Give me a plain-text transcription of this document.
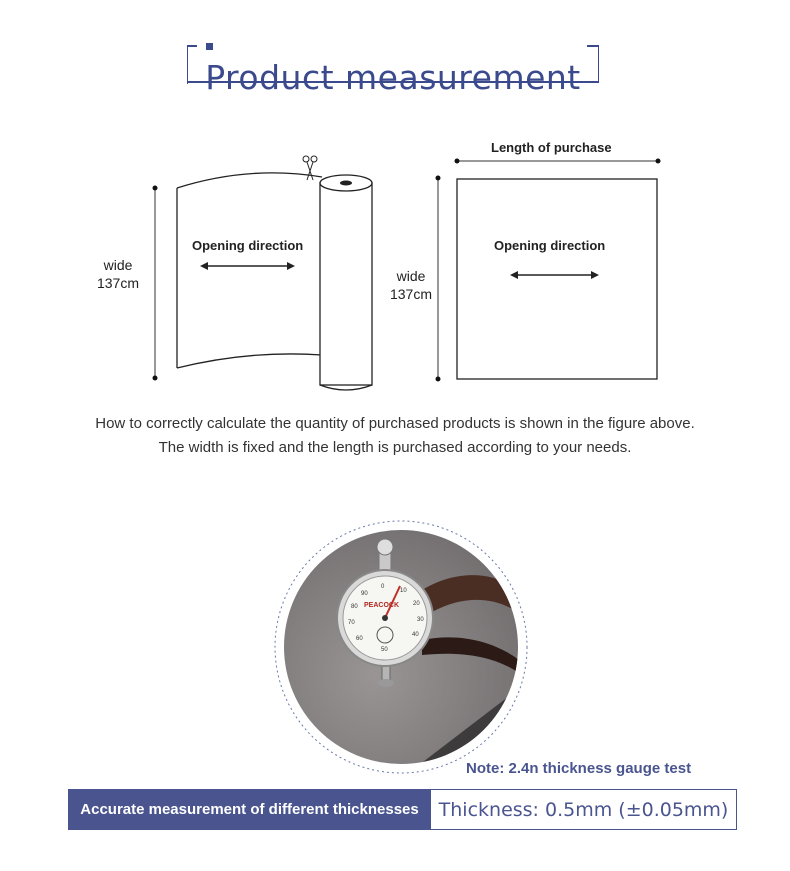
Product measurement
wide
137cm
Opening direction
Length of purchase
wide
137cm
Opening direction
How to correctly calculate the quantity of purchased products is shown in the figure above.
The width is fixed and the length is purchased according to your needs.
PEACOCK
0
10
20
30
40
50
60
70
80
90
Note: 2.4n thickness gauge test
Accurate measurement of different thicknesses	Thickness: 0.5mm (±0.05mm)
